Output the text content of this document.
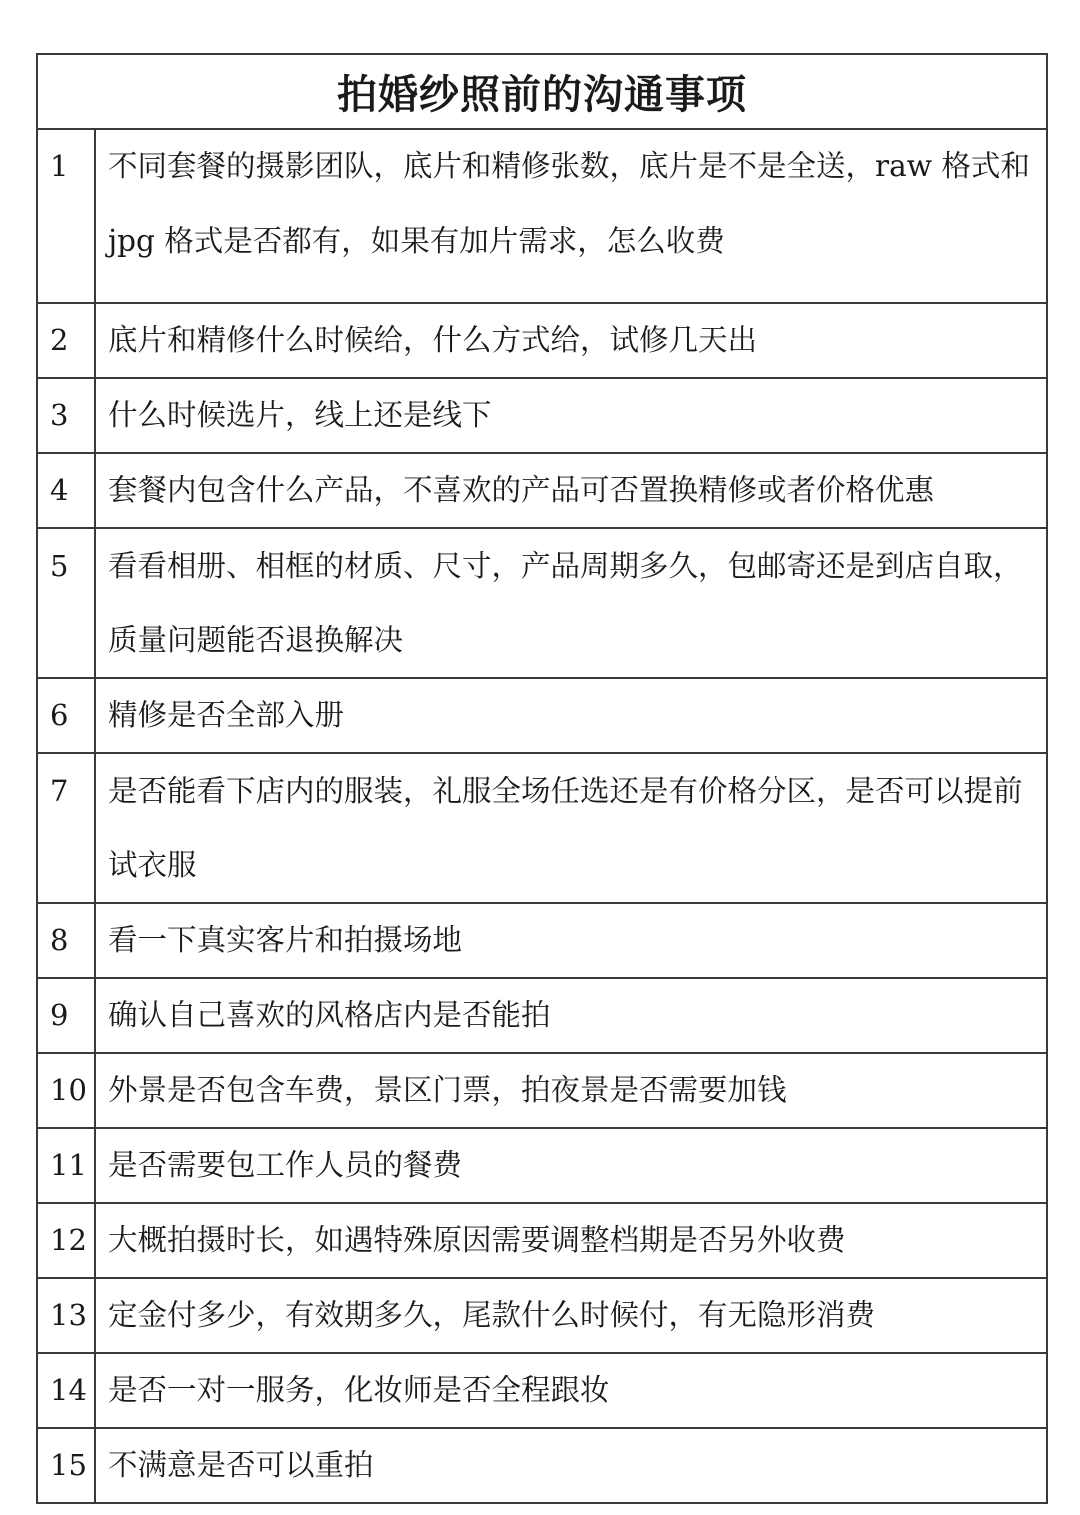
拍婚纱照前的沟通事项	

1	不同套餐的摄影团队，底片和精修张数，底片是不是全送，raw 格式和 jpg 格式是否都有，如果有加片需求，怎么收费

2	底片和精修什么时候给，什么方式给，试修几天出

3	什么时候选片，线上还是线下

4	套餐内包含什么产品，不喜欢的产品可否置换精修或者价格优惠

5	看看相册、相框的材质、尺寸，产品周期多久，包邮寄还是到店自取，质量问题能否退换解决

6	精修是否全部入册

7	是否能看下店内的服装，礼服全场任选还是有价格分区，是否可以提前试衣服

8	看一下真实客片和拍摄场地

9	确认自己喜欢的风格店内是否能拍

10	外景是否包含车费，景区门票，拍夜景是否需要加钱

11	是否需要包工作人员的餐费

12	大概拍摄时长，如遇特殊原因需要调整档期是否另外收费

13	定金付多少，有效期多久，尾款什么时候付，有无隐形消费

14	是否一对一服务，化妆师是否全程跟妆

15	不满意是否可以重拍
